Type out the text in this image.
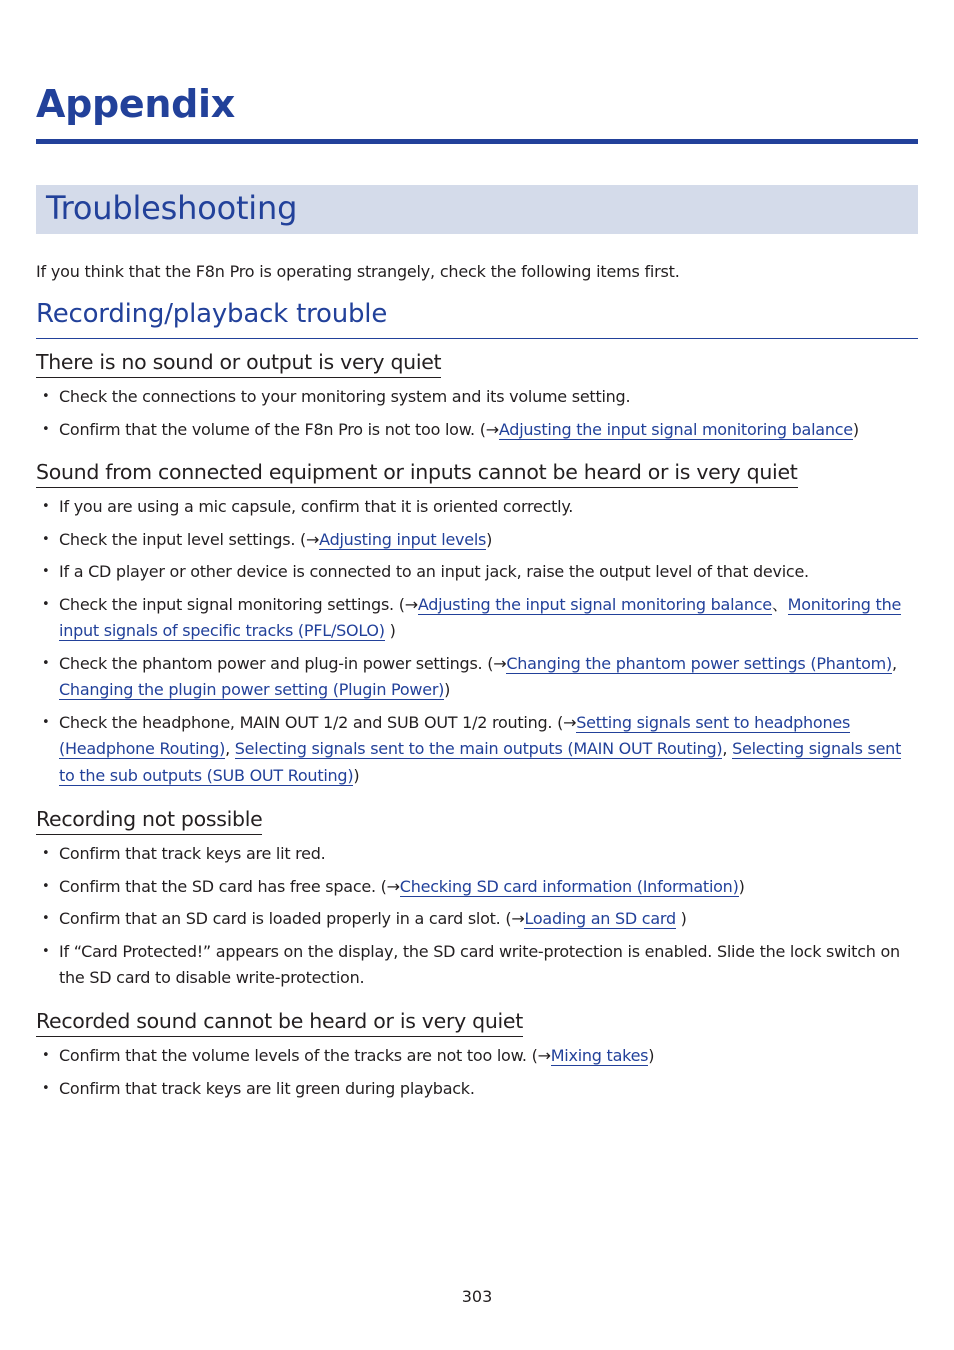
Appendix
Troubleshooting

If you think that the F8n Pro is operating strangely, check the following items first.

Recording/playback trouble
There is no sound or output is very quiet
• Check the connections to your monitoring system and its volume setting.
• Confirm that the volume of the F8n Pro is not too low. (→Adjusting the input signal monitoring balance)
Sound from connected equipment or inputs cannot be heard or is very quiet
• If you are using a mic capsule, confirm that it is oriented correctly.
• Check the input level settings. (→Adjusting input levels)
• If a CD player or other device is connected to an input jack, raise the output level of that device.
• Check the input signal monitoring settings. (→Adjusting the input signal monitoring balance、Monitoring the input signals of specific tracks (PFL/SOLO) )
• Check the phantom power and plug-in power settings. (→Changing the phantom power settings (Phantom), Changing the plugin power setting (Plugin Power))
• Check the headphone, MAIN OUT 1/2 and SUB OUT 1/2 routing. (→Setting signals sent to headphones (Headphone Routing), Selecting signals sent to the main outputs (MAIN OUT Routing), Selecting signals sent to the sub outputs (SUB OUT Routing))
Recording not possible
• Confirm that track keys are lit red.
• Confirm that the SD card has free space. (→Checking SD card information (Information))
• Confirm that an SD card is loaded properly in a card slot. (→Loading an SD card )
• If “Card Protected!” appears on the display, the SD card write-protection is enabled. Slide the lock switch on the SD card to disable write-protection.
Recorded sound cannot be heard or is very quiet
• Confirm that the volume levels of the tracks are not too low. (→Mixing takes)
• Confirm that track keys are lit green during playback.
303
